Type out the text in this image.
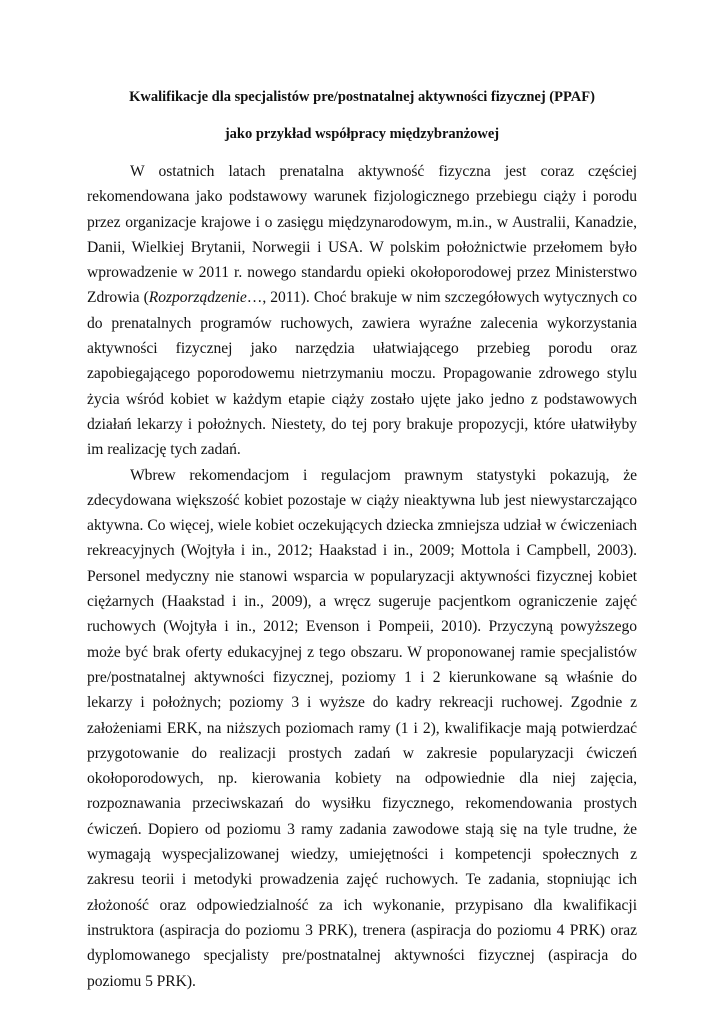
Kwalifikacje dla specjalistów pre/postnatalnej aktywności fizycznej (PPAF)

jako przykład współpracy międzybranżowej

W ostatnich latach prenatalna aktywność fizyczna jest coraz częściej rekomendowana jako podstawowy warunek fizjologicznego przebiegu ciąży i porodu przez organizacje krajowe i o zasięgu międzynarodowym, m.in., w Australii, Kanadzie, Danii, Wielkiej Brytanii, Norwegii i USA. W polskim położnictwie przełomem było wprowadzenie w 2011 r. nowego standardu opieki okołoporodowej przez Ministerstwo Zdrowia (Rozporządzenie…, 2011). Choć brakuje w nim szczegółowych wytycznych co do prenatalnych programów ruchowych, zawiera wyraźne zalecenia wykorzystania aktywności fizycznej jako narzędzia ułatwiającego przebieg porodu oraz zapobiegającego poporodowemu nietrzymaniu moczu. Propagowanie zdrowego stylu życia wśród kobiet w każdym etapie ciąży zostało ujęte jako jedno z podstawowych działań lekarzy i położnych. Niestety, do tej pory brakuje propozycji, które ułatwiłyby im realizację tych zadań.

Wbrew rekomendacjom i regulacjom prawnym statystyki pokazują, że zdecydowana większość kobiet pozostaje w ciąży nieaktywna lub jest niewystarczająco aktywna. Co więcej, wiele kobiet oczekujących dziecka zmniejsza udział w ćwiczeniach rekreacyjnych (Wojtyła i in., 2012; Haakstad i in., 2009; Mottola i Campbell, 2003). Personel medyczny nie stanowi wsparcia w popularyzacji aktywności fizycznej kobiet ciężarnych (Haakstad i in., 2009), a wręcz sugeruje pacjentkom ograniczenie zajęć ruchowych (Wojtyła i in., 2012; Evenson i Pompeii, 2010). Przyczyną powyższego może być brak oferty edukacyjnej z tego obszaru. W proponowanej ramie specjalistów pre/postnatalnej aktywności fizycznej, poziomy 1 i 2 kierunkowane są właśnie do lekarzy i położnych; poziomy 3 i wyższe do kadry rekreacji ruchowej. Zgodnie z założeniami ERK, na niższych poziomach ramy (1 i 2), kwalifikacje mają potwierdzać przygotowanie do realizacji prostych zadań w zakresie popularyzacji ćwiczeń okołoporodowych, np. kierowania kobiety na odpowiednie dla niej zajęcia, rozpoznawania przeciwskazań do wysiłku fizycznego, rekomendowania prostych ćwiczeń. Dopiero od poziomu 3 ramy zadania zawodowe stają się na tyle trudne, że wymagają wyspecjalizowanej wiedzy, umiejętności i kompetencji społecznych z zakresu teorii i metodyki prowadzenia zajęć ruchowych. Te zadania, stopniując ich złożoność oraz odpowiedzialność za ich wykonanie, przypisano dla kwalifikacji instruktora (aspiracja do poziomu 3 PRK), trenera (aspiracja do poziomu 4 PRK) oraz dyplomowanego specjalisty pre/postnatalnej aktywności fizycznej (aspiracja do poziomu 5 PRK).
